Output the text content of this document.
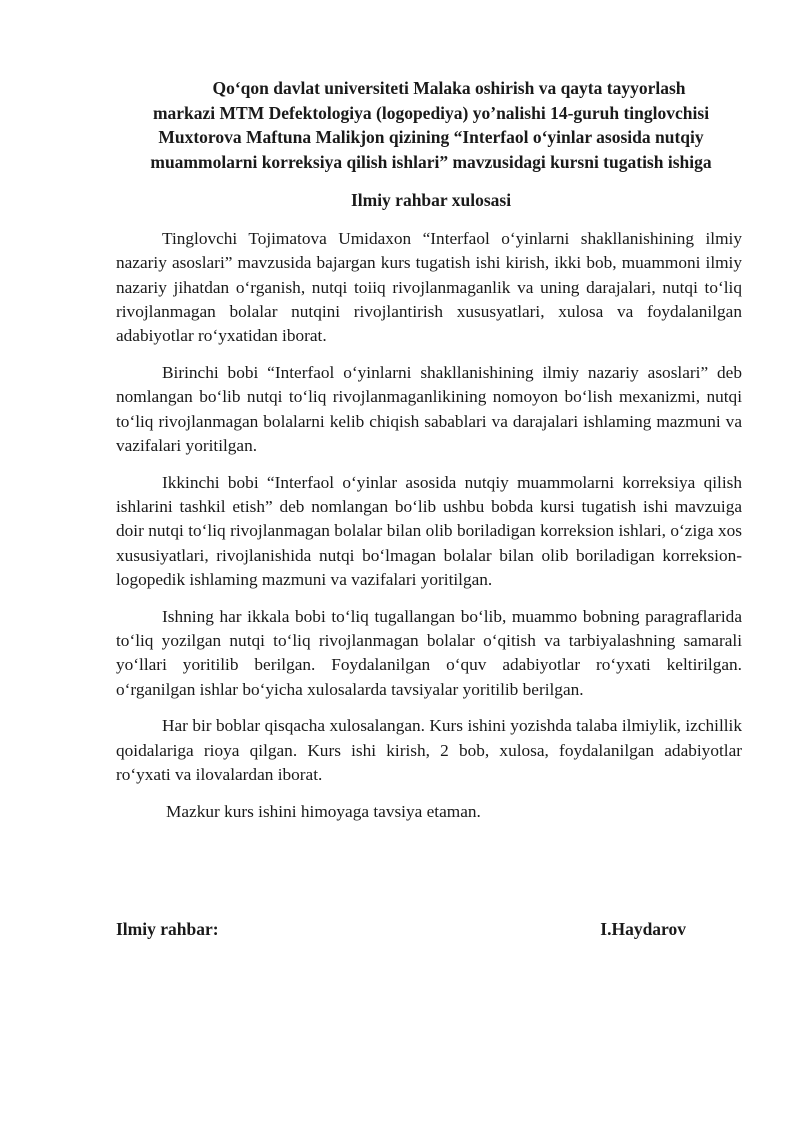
Qo‘qon davlat universiteti Malaka oshirish va qayta tayyorlash
markazi MTM Defektologiya (logopediya) yo’nalishi 14-guruh tinglovchisi
Muxtorova Maftuna Malikjon qizining “Interfaol o‘yinlar asosida nutqiy
muammolarni korreksiya qilish ishlari” mavzusidagi kursni tugatish ishiga
Ilmiy rahbar xulosasi

Tinglovchi Tojimatova Umidaxon “Interfaol o‘yinlarni shakllanishining ilmiy nazariy asoslari” mavzusida bajargan kurs tugatish ishi kirish, ikki bob, muammoni ilmiy nazariy jihatdan o‘rganish, nutqi toiiq rivojlanmaganlik va uning darajalari, nutqi to‘liq rivojlanmagan bolalar nutqini rivojlantirish xususyatlari, xulosa va foydalanilgan adabiyotlar ro‘yxatidan iborat.

Birinchi bobi “Interfaol o‘yinlarni shakllanishining ilmiy nazariy asoslari” deb nomlangan bo‘lib nutqi to‘liq rivojlanmaganlikining nomoyon bo‘lish mexanizmi, nutqi to‘liq rivojlanmagan bolalarni kelib chiqish sabablari va darajalari ishlaming mazmuni va vazifalari yoritilgan.

Ikkinchi bobi “Interfaol o‘yinlar asosida nutqiy muammolarni korreksiya qilish ishlarini tashkil etish” deb nomlangan bo‘lib ushbu bobda kursi tugatish ishi mavzuiga doir nutqi to‘liq rivojlanmagan bolalar bilan olib boriladigan korreksion ishlari, o‘ziga xos xususiyatlari, rivojlanishida nutqi bo‘lmagan bolalar bilan olib boriladigan korreksion-logopedik ishlaming mazmuni va vazifalari yoritilgan.

Ishning har ikkala bobi to‘liq tugallangan bo‘lib, muammo bobning paragraflarida to‘liq yozilgan nutqi to‘liq rivojlanmagan bolalar o‘qitish va tarbiyalashning samarali yo‘llari yoritilib berilgan. Foydalanilgan o‘quv adabiyotlar ro‘yxati keltirilgan. o‘rganilgan ishlar bo‘yicha xulosalarda tavsiyalar yoritilib berilgan.

Har bir boblar qisqacha xulosalangan. Kurs ishini yozishda talaba ilmiylik, izchillik qoidalariga rioya qilgan. Kurs ishi kirish, 2 bob, xulosa, foydalanilgan adabiyotlar ro‘yxati va ilovalardan iborat.

Mazkur kurs ishini himoyaga tavsiya etaman.

Ilmiy rahbar:	I.Haydarov
